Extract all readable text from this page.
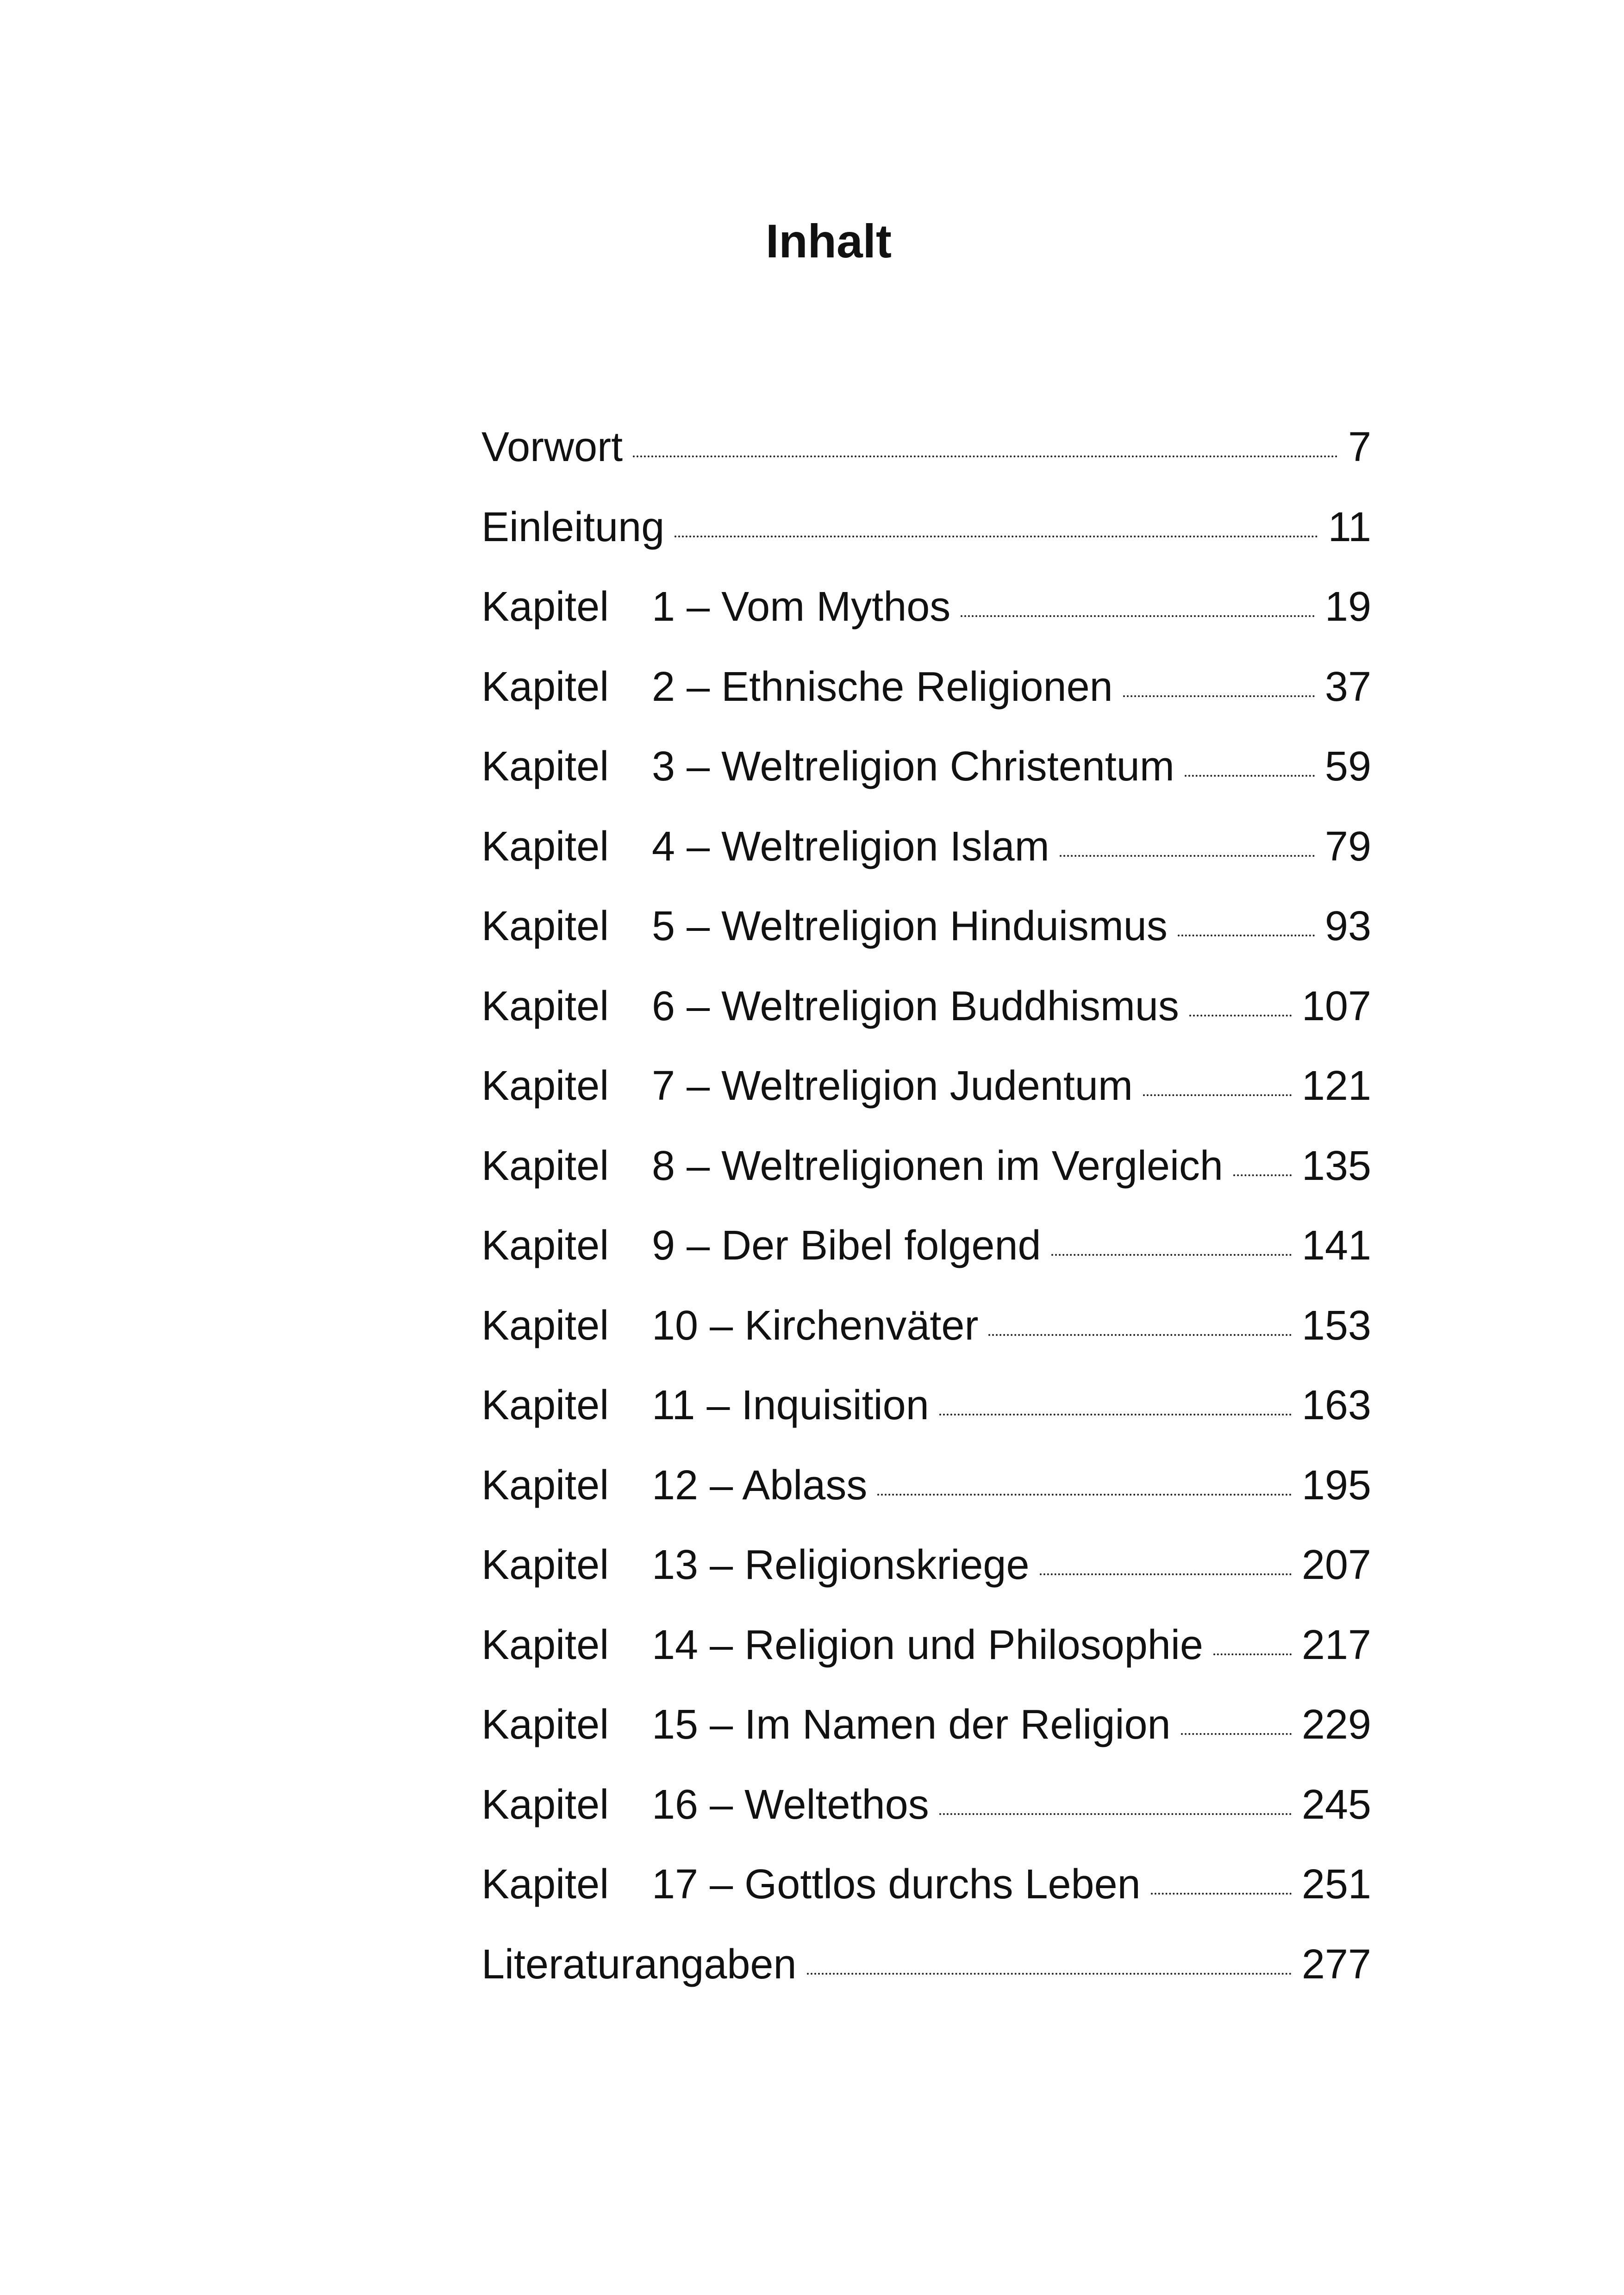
Inhalt
Vorwort	7
Einleitung	11
Kapitel 1 – Vom Mythos	19
Kapitel 2 – Ethnische Religionen	37
Kapitel 3 – Weltreligion Christentum	59
Kapitel 4 – Weltreligion Islam	79
Kapitel 5 – Weltreligion Hinduismus	93
Kapitel 6 – Weltreligion Buddhismus	107
Kapitel 7 – Weltreligion Judentum	121
Kapitel 8 – Weltreligionen im Vergleich 135
Kapitel 9 – Der Bibel folgend	141
Kapitel 10 – Kirchenväter	153
Kapitel 11 – Inquisition	163
Kapitel 12 – Ablass	195
Kapitel 13 – Religionskriege	207
Kapitel 14 – Religion und Philosophie 217
Kapitel 15 – Im Namen der Religion	229
Kapitel 16 – Weltethos	245
Kapitel 17 – Gottlos durchs Leben	251
Literaturangaben	277
